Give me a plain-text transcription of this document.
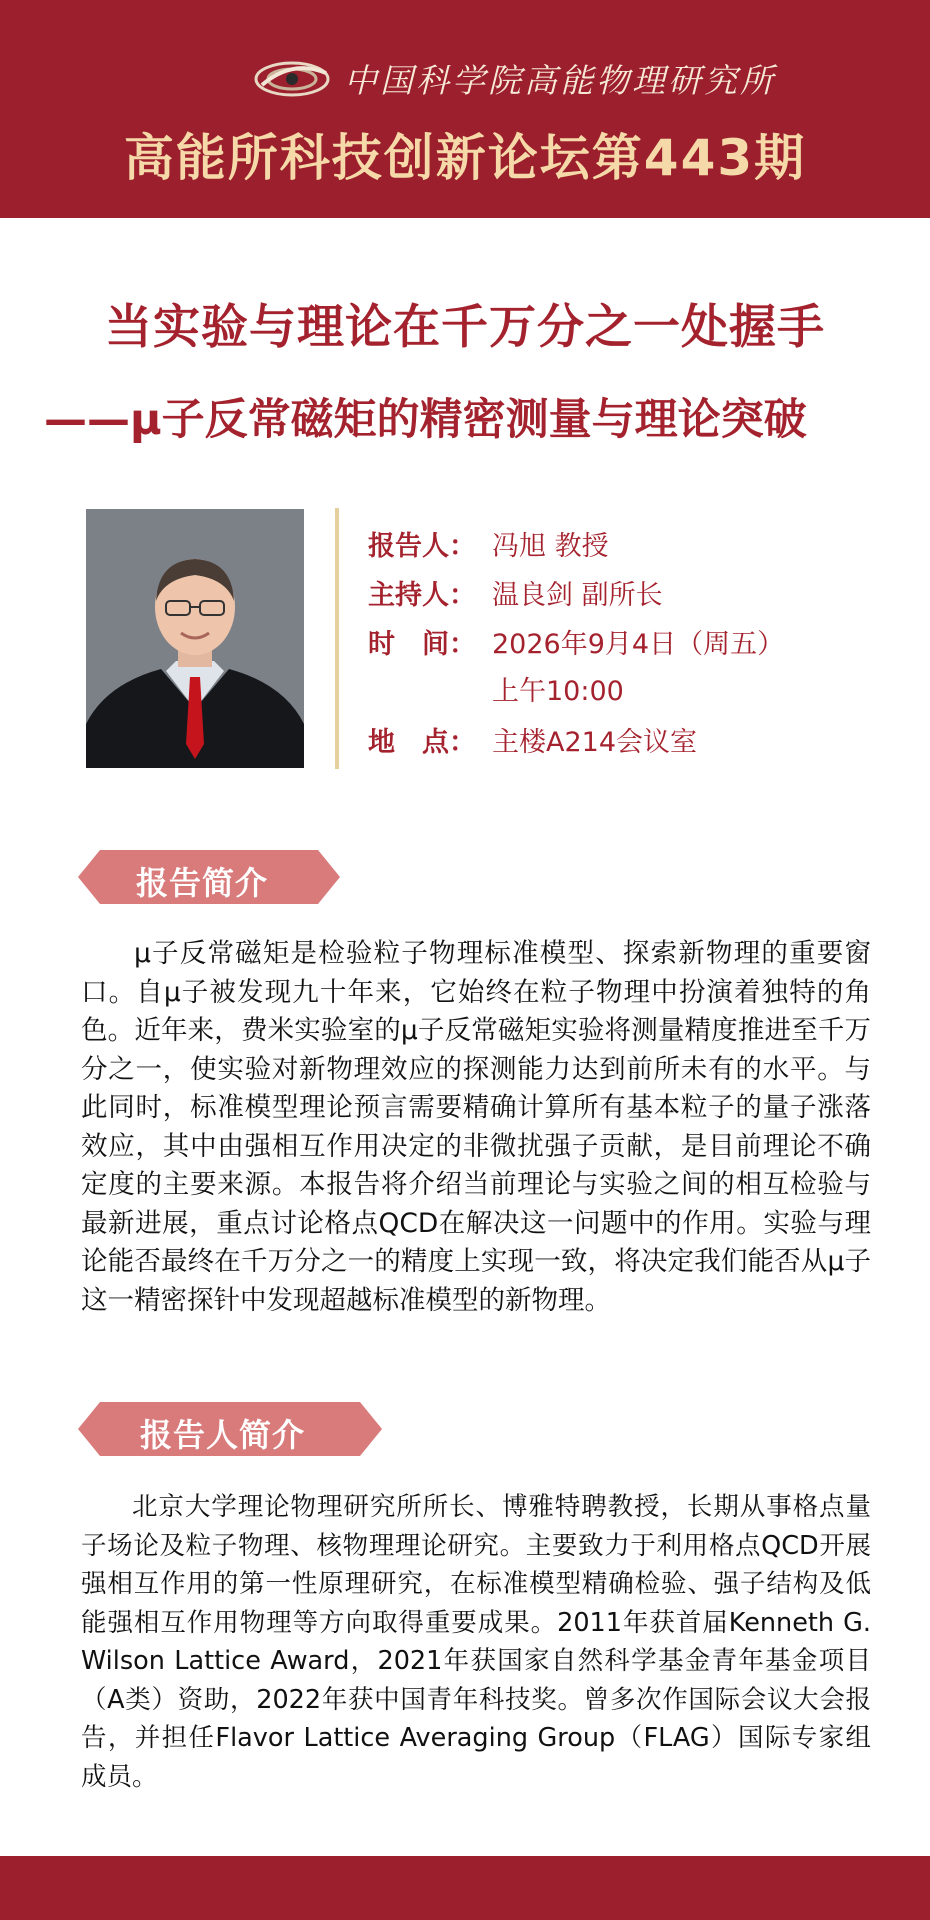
中国科学院高能物理研究所
高能所科技创新论坛第443期
当实验与理论在千万分之一处握手
——μ子反常磁矩的精密测量与理论突破
报告人： 冯旭 教授
主持人： 温良剑 副所长
时　间： 2026年9月4日（周五）
上午10:00
地　点： 主楼A214会议室
报告简介
μ子反常磁矩是检验粒子物理标准模型、探索新物理的重要窗口。自μ子被发现九十年来，它始终在粒子物理中扮演着独特的角色。近年来，费米实验室的μ子反常磁矩实验将测量精度推进至千万分之一，使实验对新物理效应的探测能力达到前所未有的水平。与此同时，标准模型理论预言需要精确计算所有基本粒子的量子涨落效应，其中由强相互作用决定的非微扰强子贡献，是目前理论不确定度的主要来源。本报告将介绍当前理论与实验之间的相互检验与最新进展，重点讨论格点QCD在解决这一问题中的作用。实验与理论能否最终在千万分之一的精度上实现一致，将决定我们能否从μ子这一精密探针中发现超越标准模型的新物理。
报告人简介
北京大学理论物理研究所所长、博雅特聘教授，长期从事格点量子场论及粒子物理、核物理理论研究。主要致力于利用格点QCD开展强相互作用的第一性原理研究，在标准模型精确检验、强子结构及低能强相互作用物理等方向取得重要成果。2011年获首届Kenneth G. Wilson Lattice Award，2021年获国家自然科学基金青年基金项目（A类）资助，2022年获中国青年科技奖。曾多次作国际会议大会报告，并担任Flavor Lattice Averaging Group（FLAG）国际专家组成员。
